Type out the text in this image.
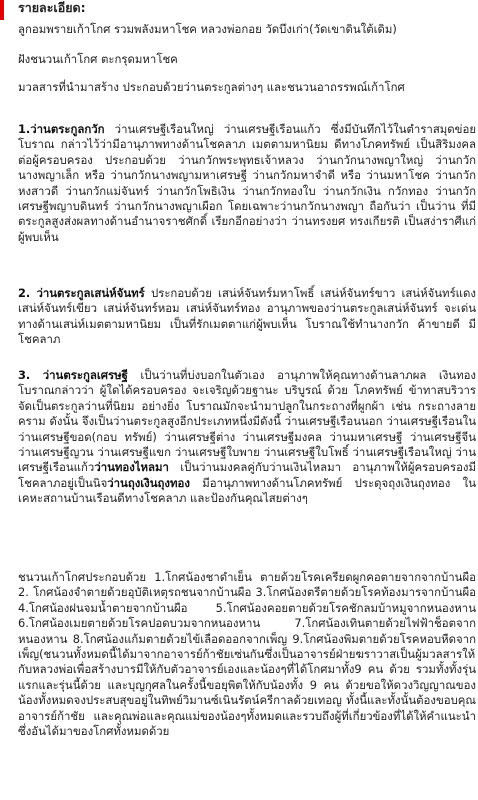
รายละเอียด:
ลูกอมพรายเก้าโกศ รวมพลังมหาโชค หลวงพ่อกอย วัดบึงเก่า(วัดเขาดินใต้เดิม)
ฝังชนวนเก้าโกศ ตะกรุดมหาโชค
มวลสารที่นำมาสร้าง ประกอบด้วยว่านตระกูลต่างๆ และชนวนอาถรรพณ์เก้าโกศ
1.ว่านตระกูลกวัก ว่านเศรษฐีเรือนใหญ่ ว่านเศรษฐีเรือนแก้ว ซึ่งมีบันทึกไว้ในตำราสมุดข่อยโบราณ กล่าวไว้ว่ามีอานุภาพทางด้านโชคลาภ เมตตามหานิยม ดีทางโภคทรัพย์ เป็นสิริมงคลต่อผู้ครอบครอง ประกอบด้วย ว่านกวักพระพุทธเจ้าหลวง ว่านกวักนางพญาใหญ่ ว่านกวักนางพญาเล็ก หรือ ว่านกวักนางพญามหาเศรษฐี ว่านกวักมหาจำดี หรือ ว่านมหาโชค ว่านกวักหงสาวดี ว่านกวักแม่จันทร์ ว่านกวักโพธิเงิน ว่านกวักทองใบ ว่านกวักเงิน กวักทอง ว่านกวักเศรษฐีพญาบดินทร์ ว่านกวักนางพญาเผือก โดยเฉพาะว่านกวักนางพญา ถือกันว่า เป็นว่าน ที่มีตระกูลสูงส่งผลทางด้านอำนาจราชศักดิ์ เรียกอีกอย่างว่า ว่านทรงยศ ทรงเกียรติ เป็นสง่าราศีแก่ผู้พบเห็น
2. ว่านตระกูลเสน่ห์จันทร์ ประกอบด้วย เสน่ห์จันทร์มหาโพธิ์ เสน่ห์จันทร์ขาว เสน่ห์จันทร์แดง เสน่ห์จันทร์เขียว เสน่ห์จันทร์หอม เสน่ห์จันทร์ทอง อานุภาพของว่านตระกูลเสน่ห์จันทร์ จะเด่นทางด้านเสน่ห์เมตตามหานิยม เป็นที่รักเมตตาแก่ผู้พบเห็น โบราณใช้ทำนางกวัก ค้าขายดี มีโชคลาภ
3. ว่านตระกูลเศรษฐี เป็นว่านที่บ่งบอกในตัวเอง อานุภาพให้คุณทางด้านลาภผล เงินทอง โบราณกล่าวว่า ผู้ใดได้ครอบครอง จะเจริญด้วยฐานะ บริบูรณ์ ด้วย โภคทรัพย์ ข้าทาสบริวาร จัดเป็นตระกูลว่านที่นิยม อย่างยิ่ง โบราณมักจะนำมาปลูกในกระถางที่ผูกผ้า เช่น กระถางลายคราม ดังนั้น จึงเป็นว่านตระกูลสูงอีกประเภทหนึ่งมีดังนี้ ว่านเศรษฐีเรือนนอก ว่านเศรษฐีเรือนใน ว่านเศรษฐีขอด(กอบ ทรัพย์) ว่านเศรษฐีต่าง ว่านเศรษฐีมงคล ว่านมหาเศรษฐี ว่านเศรษฐีจีน ว่านเศรษฐีญวน ว่านเศรษฐีแขก ว่านเศรษฐีใบพาย ว่านเศรษฐีใบโพธิ์ ว่านเศรษฐีเรือนใหญ่ ว่านเศรษฐีเรือนแก้วว่านทองไหลมา เป็นว่านมงคลคู่กับว่านเงินไหลมา อานุภาพให้ผู้ครอบครองมีโชคลาภอยู่เป็นนิจว่านถุงเงินถุงทอง มีอานุภาพทางด้านโภคทรัพย์ ประดุจถุงเงินถุงทอง ในเคหะสถานบ้านเรือนดีทางโชคลาภ และป้องกันคุณไสยต่างๆ
ชนวนเก้าโกศประกอบด้วย 1.โกศน้องชาดำเย็น ตายด้วยโรคเครียดผูกคอตายจากจากบ้านผือ 2. โกศน้องจำตายด้วยอุบัติเหตุรถชนจากบ้านผือ 3.โกศน้องตรีตายด้วยโรคท้องมารจากบ้านผือ 4.โกศน้องฝนจมน้ำตายจากบ้านผือ 5.โกศน้องคอยตายด้วยโรคชักลมบ้าหมูจากหนองหาน 6.โกศน้องเมยตายด้วยโรคปอดบวมจากหนองหาน 7.โกศน้องเทินตายด้วยไฟฟ้าช็อตจากหนองหาน 8.โกศน้องแก้มตายด้วยไข้เลือดออกจากเพ็ญ 9.โกศน้องพิมตายด้วยโรคหอบหืดจากเพ็ญ(ชนวนทั้งหมดนี้ได้มาจากอาจารย์ก้าชัยเซ่นกันซึ่งเป็นอาจารย์ฝ่ายฆราวาสเป็นผู้มวลสารให้กับหลวงพ่อเพื่อสร้างบารมีให้กับตัวอาจารย์เองและน้องๆที่ได้โกศมาทั้ง9 คน ด้วย รวมทั้งทั้งรุ่นแรกและรุ่นนี้ด้วย และบุญกุศลในครั้งนี้ขอยุพิตให้กับน้องทั้ง 9 คน ด้วยขอให้ดวงวิญญาณของน้องทั้งหมดจงประสบสุขอยู่ในทิพย์วิมานซ์เนินรัตน์ครีกาลด้วยเทอญ ทั้งนี้และทั้งนั้นต้องขอบคุณอาจารย์ก้าชัย และคุณพ่อและคุณแม่ของน้องๆทั้งหมดและรวบถึงผู้ที่เกี่ยวข้องที่ได้ให้คำแนะนำซึ่งอันได้มาของโกศทั้งหมดด้วย
